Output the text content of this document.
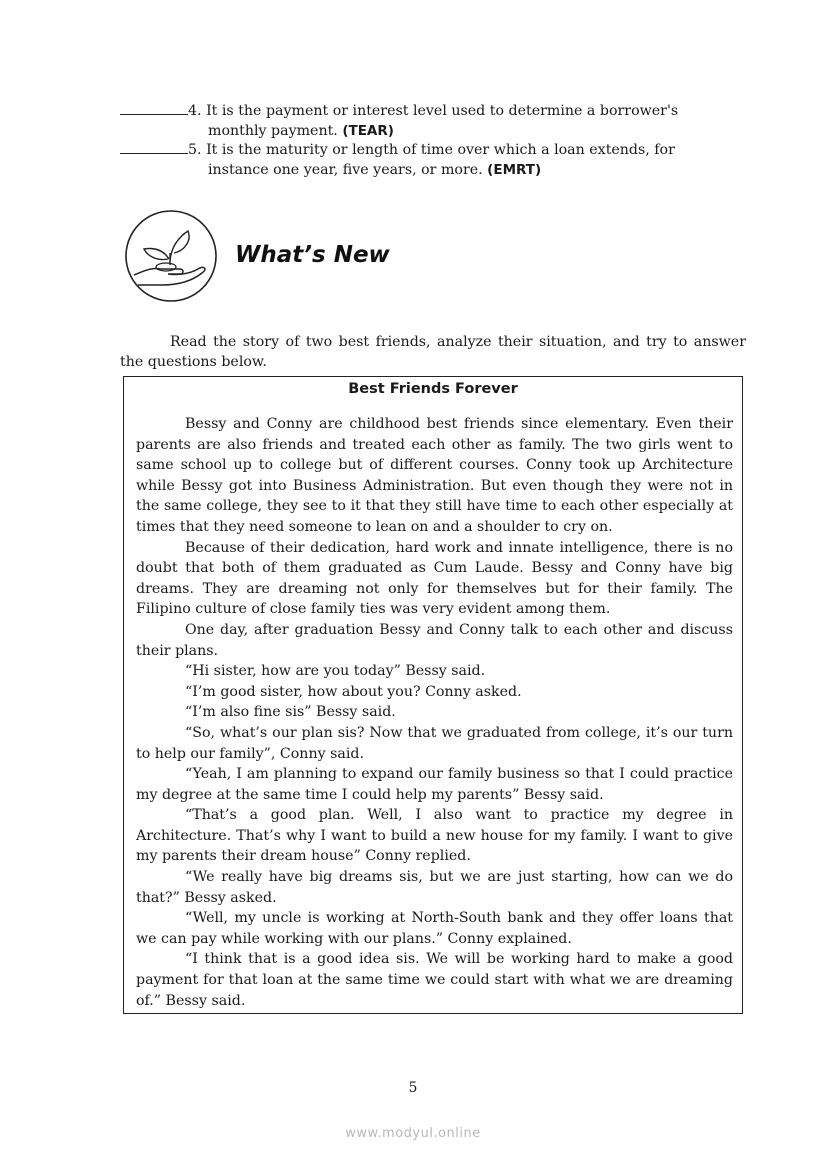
4. It is the payment or interest level used to determine a borrower's
monthly payment. (TEAR)
5. It is the maturity or length of time over which a loan extends, for
instance one year, five years, or more. (EMRT)
What’s New
Read the story of two best friends, analyze their situation, and try to answer the questions below.
Best Friends Forever

Bessy and Conny are childhood best friends since elementary. Even their parents are also friends and treated each other as family. The two girls went to same school up to college but of different courses. Conny took up Architecture while Bessy got into Business Administration. But even though they were not in the same college, they see to it that they still have time to each other especially at times that they need someone to lean on and a shoulder to cry on.

Because of their dedication, hard work and innate intelligence, there is no doubt that both of them graduated as Cum Laude. Bessy and Conny have big dreams. They are dreaming not only for themselves but for their family. The Filipino culture of close family ties was very evident among them.

One day, after graduation Bessy and Conny talk to each other and discuss their plans.

“Hi sister, how are you today” Bessy said.

“I’m good sister, how about you? Conny asked.

“I’m also fine sis” Bessy said.

“So, what’s our plan sis? Now that we graduated from college, it’s our turn to help our family”, Conny said.

“Yeah, I am planning to expand our family business so that I could practice my degree at the same time I could help my parents” Bessy said.

“That’s a good plan. Well, I also want to practice my degree in Architecture. That’s why I want to build a new house for my family. I want to give my parents their dream house” Conny replied.

“We really have big dreams sis, but we are just starting, how can we do that?” Bessy asked.

“Well, my uncle is working at North-South bank and they offer loans that we can pay while working with our plans.” Conny explained.

“I think that is a good idea sis. We will be working hard to make a good payment for that loan at the same time we could start with what we are dreaming of.” Bessy said.

5
www.modyul.online
